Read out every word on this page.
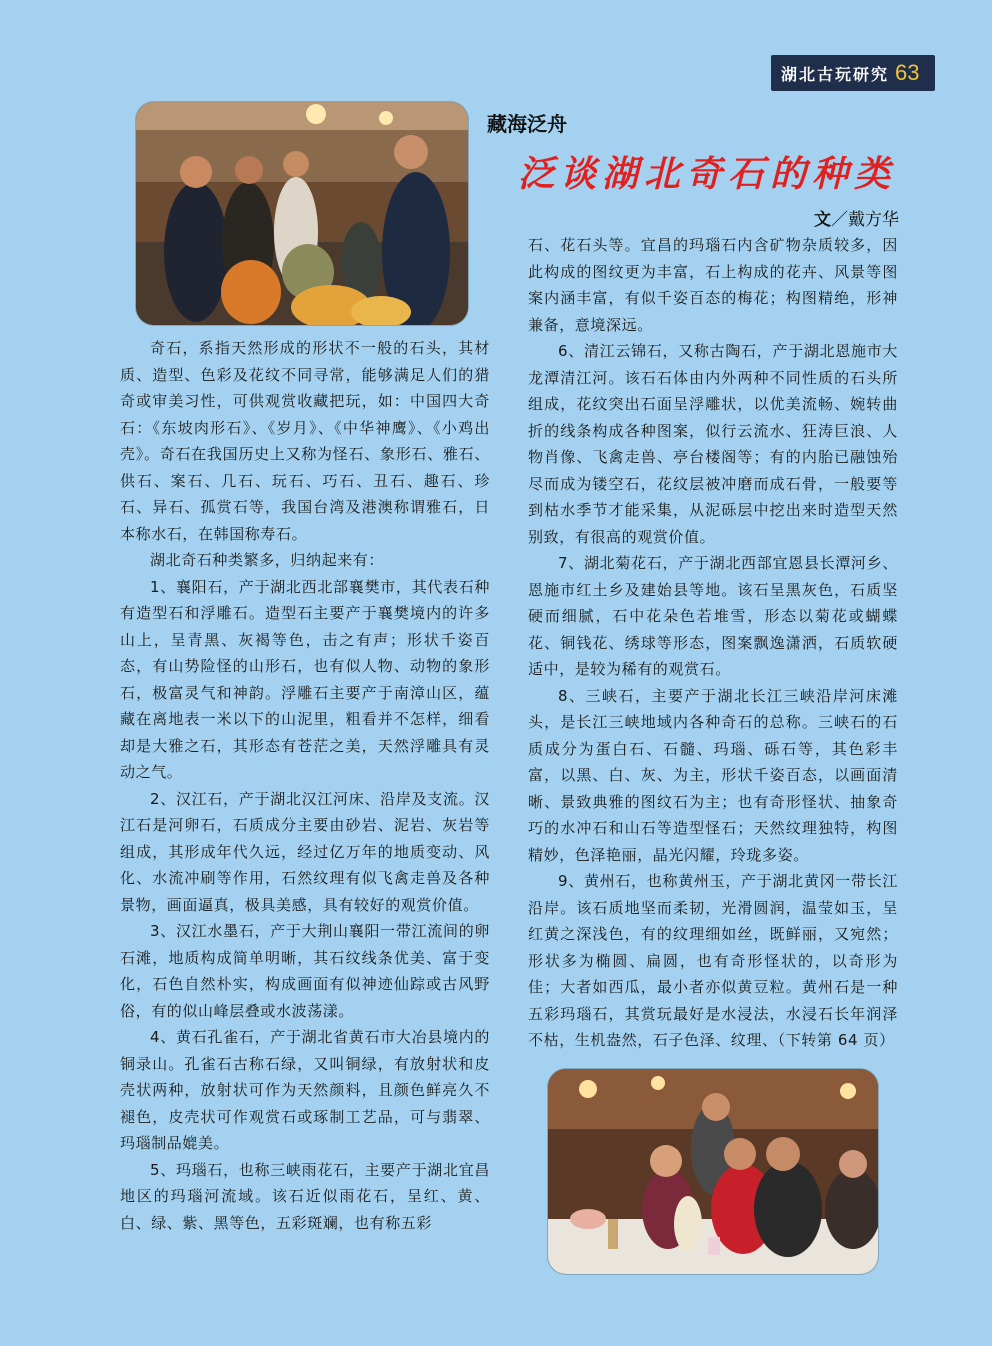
湖北古玩研究 63
藏海泛舟
泛谈湖北奇石的种类
文／戴方华

奇石，系指天然形成的形状不一般的石头，其材质、造型、色彩及花纹不同寻常，能够满足人们的猎奇或审美习性，可供观赏收藏把玩，如：中国四大奇石：《东坡肉形石》、《岁月》、《中华神鹰》、《小鸡出壳》。奇石在我国历史上又称为怪石、象形石、雅石、供石、案石、几石、玩石、巧石、丑石、趣石、珍石、异石、孤赏石等，我国台湾及港澳称谓雅石，日本称水石，在韩国称寿石。

湖北奇石种类繁多，归纳起来有：

1、襄阳石，产于湖北西北部襄樊市，其代表石种有造型石和浮雕石。造型石主要产于襄樊境内的许多山上，呈青黑、灰褐等色，击之有声；形状千姿百态，有山势险怪的山形石，也有似人物、动物的象形石，极富灵气和神韵。浮雕石主要产于南漳山区，蕴藏在离地表一米以下的山泥里，粗看并不怎样，细看却是大雅之石，其形态有苍茫之美，天然浮雕具有灵动之气。

2、汉江石，产于湖北汉江河床、沿岸及支流。汉江石是河卵石，石质成分主要由砂岩、泥岩、灰岩等组成，其形成年代久远，经过亿万年的地质变动、风化、水流冲刷等作用，石然纹理有似飞禽走兽及各种景物，画面逼真，极具美感，具有较好的观赏价值。

3、汉江水墨石，产于大荆山襄阳一带江流间的卵石滩，地质构成简单明晰，其石纹线条优美、富于变化，石色自然朴实，构成画面有似神迹仙踪或古风野俗，有的似山峰层叠或水波荡漾。

4、黄石孔雀石，产于湖北省黄石市大冶县境内的铜录山。孔雀石古称石绿，又叫铜绿，有放射状和皮壳状两种，放射状可作为天然颜料，且颜色鲜亮久不褪色，皮壳状可作观赏石或琢制工艺品，可与翡翠、玛瑙制品媲美。

5、玛瑙石，也称三峡雨花石，主要产于湖北宜昌地区的玛瑙河流域。该石近似雨花石，呈红、黄、白、绿、紫、黑等色，五彩斑斓，也有称五彩

石、花石头等。宜昌的玛瑙石内含矿物杂质较多，因此构成的图纹更为丰富，石上构成的花卉、风景等图案内涵丰富，有似千姿百态的梅花；构图精绝，形神兼备，意境深远。

6、清江云锦石，又称古陶石，产于湖北恩施市大龙潭清江河。该石石体由内外两种不同性质的石头所组成，花纹突出石面呈浮雕状，以优美流畅、婉转曲折的线条构成各种图案，似行云流水、狂涛巨浪、人物肖像、飞禽走兽、亭台楼阁等；有的内胎已融蚀殆尽而成为镂空石，花纹层被冲磨而成石骨，一般要等到枯水季节才能采集，从泥砾层中挖出来时造型天然别致，有很高的观赏价值。

7、湖北菊花石，产于湖北西部宜恩县长潭河乡、恩施市红土乡及建始县等地。该石呈黑灰色，石质坚硬而细腻，石中花朵色若堆雪，形态以菊花或蝴蝶花、铜钱花、绣球等形态，图案飘逸潇洒，石质软硬适中，是较为稀有的观赏石。

8、三峡石，主要产于湖北长江三峡沿岸河床滩头，是长江三峡地域内各种奇石的总称。三峡石的石质成分为蛋白石、石髓、玛瑙、砾石等，其色彩丰富，以黑、白、灰、为主，形状千姿百态，以画面清晰、景致典雅的图纹石为主；也有奇形怪状、抽象奇巧的水冲石和山石等造型怪石；天然纹理独特，构图精妙，色泽艳丽，晶光闪耀，玲珑多姿。

9、黄州石，也称黄州玉，产于湖北黄冈一带长江沿岸。该石质地坚而柔韧，光滑圆润，温莹如玉，呈红黄之深浅色，有的纹理细如丝，既鲜丽，又宛然；形状多为椭圆、扁圆，也有奇形怪状的，以奇形为佳；大者如西瓜，最小者亦似黄豆粒。黄州石是一种五彩玛瑙石，其赏玩最好是水浸法，水浸石长年润泽不枯，生机盎然，石子色泽、纹理、（下转第 64 页）
